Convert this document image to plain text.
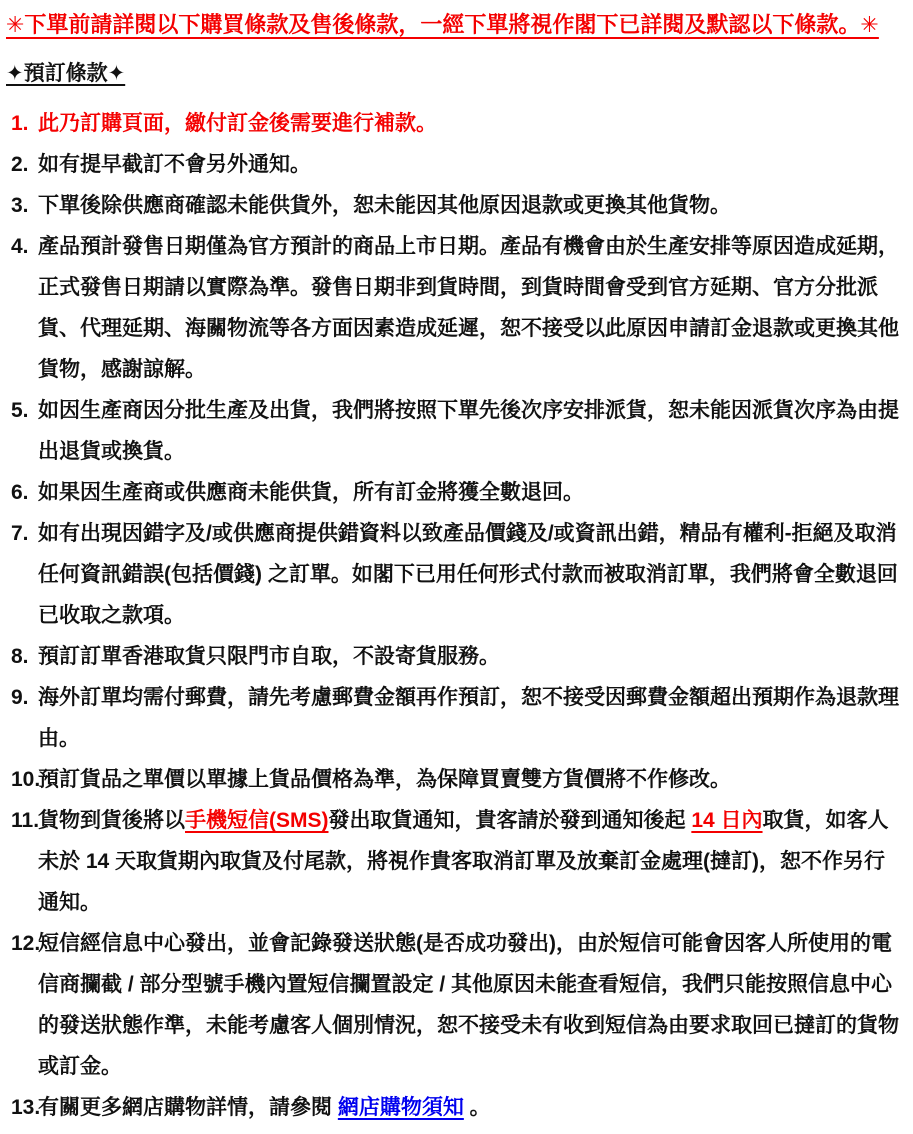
✳下單前請詳閱以下購買條款及售後條款，一經下單將視作閣下已詳閱及默認以下條款。✳

✦預訂條款✦
1. 此乃訂購頁面，繳付訂金後需要進行補款。
2. 如有提早截訂不會另外通知。
3. 下單後除供應商確認未能供貨外，恕未能因其他原因退款或更換其他貨物。
4. 產品預計發售日期僅為官方預計的商品上市日期。產品有機會由於生產安排等原因造成延期，正式發售日期請以實際為準。發售日期非到貨時間，到貨時間會受到官方延期、官方分批派貨、代理延期、海關物流等各方面因素造成延遲，恕不接受以此原因申請訂金退款或更換其他貨物，感謝諒解。
5. 如因生產商因分批生產及出貨，我們將按照下單先後次序安排派貨，恕未能因派貨次序為由提出退貨或換貨。
6. 如果因生產商或供應商未能供貨，所有訂金將獲全數退回。
7. 如有出現因錯字及/或供應商提供錯資料以致產品價錢及/或資訊出錯，精品有權利-拒絕及取消任何資訊錯誤(包括價錢) 之訂單。如閣下已用任何形式付款而被取消訂單，我們將會全數退回已收取之款項。
8. 預訂訂單香港取貨只限門市自取，不設寄貨服務。
9. 海外訂單均需付郵費，請先考慮郵費金額再作預訂，恕不接受因郵費金額超出預期作為退款理由。
10.
預訂貨品之單價以單據上貨品價格為準，為保障買賣雙方貨價將不作修改。
11.
貨物到貨後將以手機短信(SMS)發出取貨通知，貴客請於發到通知後起 14 日內取貨，如客人未於 14 天取貨期內取貨及付尾款，將視作貴客取消訂單及放棄訂金處理(撻訂)，恕不作另行通知。
12.
短信經信息中心發出，並會記錄發送狀態(是否成功發出)，由於短信可能會因客人所使用的電信商攔截 / 部分型號手機內置短信攔置設定 / 其他原因未能查看短信，我們只能按照信息中心的發送狀態作準，未能考慮客人個別情況，恕不接受未有收到短信為由要求取回已撻訂的貨物或訂金。
13.
有關更多網店購物詳情，請參閱 網店購物須知 。
